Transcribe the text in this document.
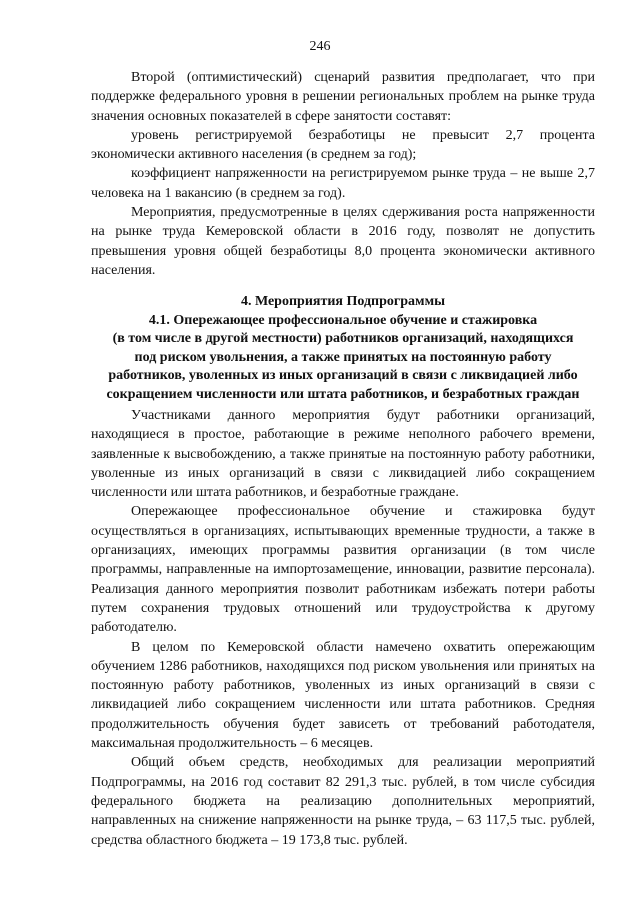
246

Второй (оптимистический) сценарий развития предполагает, что при поддержке федерального уровня в решении региональных проблем на рынке труда значения основных показателей в сфере занятости составят:

уровень регистрируемой безработицы не превысит 2,7 процента экономически активного населения (в среднем за год);

коэффициент напряженности на регистрируемом рынке труда – не выше 2,7 человека на 1 вакансию (в среднем за год).

Мероприятия, предусмотренные в целях сдерживания роста напряженности на рынке труда Кемеровской области в 2016 году, позволят не допустить превышения уровня общей безработицы 8,0 процента экономически активного населения.

4. Мероприятия Подпрограммы
4.1. Опережающее профессиональное обучение и стажировка
(в том числе в другой местности) работников организаций, находящихся
под риском увольнения, а также принятых на постоянную работу
работников, уволенных из иных организаций в связи с ликвидацией либо
сокращением численности или штата работников, и безработных граждан

Участниками данного мероприятия будут работники организаций, находящиеся в простое, работающие в режиме неполного рабочего времени, заявленные к высвобождению, а также принятые на постоянную работу работники, уволенные из иных организаций в связи с ликвидацией либо сокращением численности или штата работников, и безработные граждане.

Опережающее профессиональное обучение и стажировка будут осуществляться в организациях, испытывающих временные трудности, а также в организациях, имеющих программы развития организации (в том числе программы, направленные на импортозамещение, инновации, развитие персонала). Реализация данного мероприятия позволит работникам избежать потери работы путем сохранения трудовых отношений или трудоустройства к другому работодателю.

В целом по Кемеровской области намечено охватить опережающим обучением 1286 работников, находящихся под риском увольнения или принятых на постоянную работу работников, уволенных из иных организаций в связи с ликвидацией либо сокращением численности или штата работников. Средняя продолжительность обучения будет зависеть от требований работодателя, максимальная продолжительность – 6 месяцев.

Общий объем средств, необходимых для реализации мероприятий Подпрограммы, на 2016 год составит 82 291,3 тыс. рублей, в том числе субсидия федерального бюджета на реализацию дополнительных мероприятий, направленных на снижение напряженности на рынке труда, – 63 117,5 тыс. рублей, средства областного бюджета – 19 173,8 тыс. рублей.
